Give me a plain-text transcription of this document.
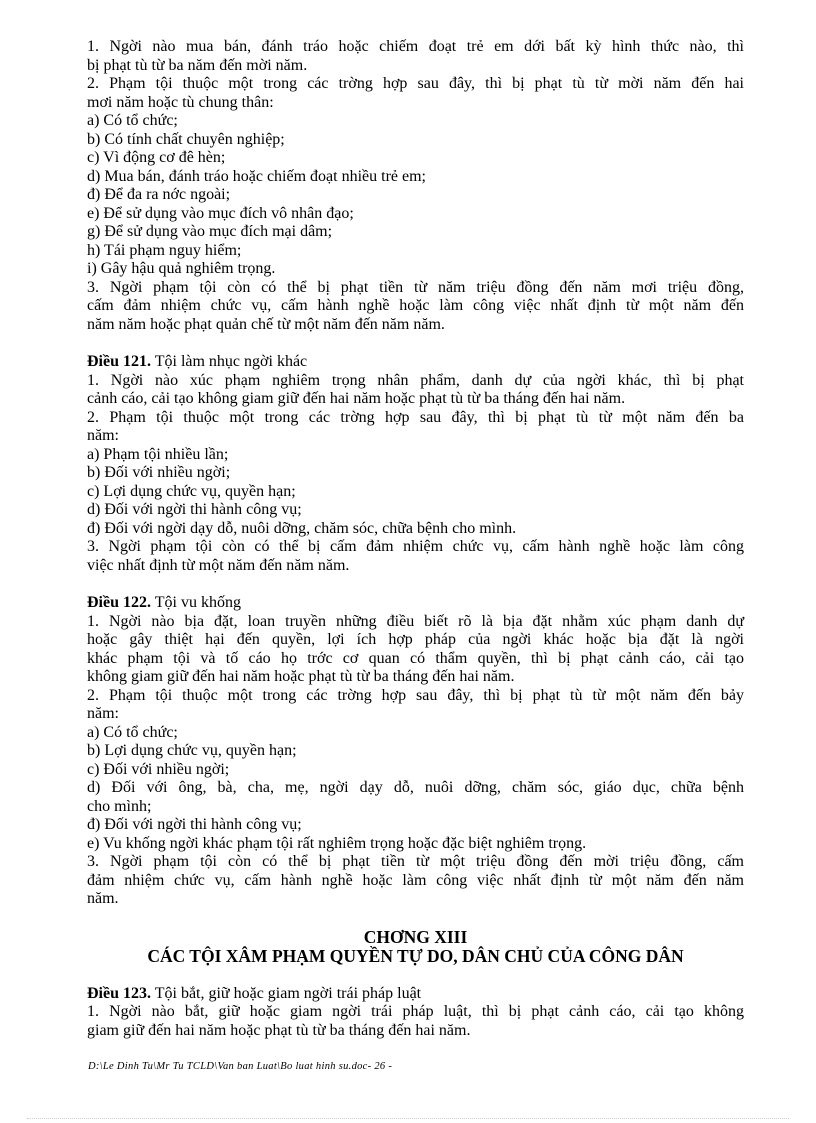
1. Ngời nào mua bán, đánh tráo hoặc chiếm đoạt trẻ em dới bất kỳ hình thức nào, thì

bị phạt tù từ ba năm đến mời năm.

2. Phạm tội thuộc một trong các trờng hợp sau đây, thì bị phạt tù từ mời năm đến hai

mơi năm hoặc tù chung thân:

a) Có tổ chức;

b) Có tính chất chuyên nghiệp;

c) Vì động cơ đê hèn;

d) Mua bán, đánh tráo hoặc chiếm đoạt nhiều trẻ em;

đ) Để đa ra nớc ngoài;

e) Để sử dụng vào mục đích vô nhân đạo;

g) Để sử dụng vào mục đích mại dâm;

h) Tái phạm nguy hiểm;

i) Gây hậu quả nghiêm trọng.

3. Ngời phạm tội còn có thể bị phạt tiền từ năm triệu đồng đến năm mơi triệu đồng,

cấm đảm nhiệm chức vụ, cấm hành nghề hoặc làm công việc nhất định từ một năm đến

năm năm hoặc phạt quản chế từ một năm đến năm năm.

Điều 121. Tội làm nhục ngời khác

1. Ngời nào xúc phạm nghiêm trọng nhân phẩm, danh dự của ngời khác, thì bị phạt

cảnh cáo, cải tạo không giam giữ đến hai năm hoặc phạt tù từ ba tháng đến hai năm.

2. Phạm tội thuộc một trong các trờng hợp sau đây, thì bị phạt tù từ một năm đến ba

năm:

a) Phạm tội nhiều lần;

b) Đối với nhiều ngời;

c) Lợi dụng chức vụ, quyền hạn;

d) Đối với ngời thi hành công vụ;

đ) Đối với ngời dạy dỗ, nuôi dỡng, chăm sóc, chữa bệnh cho mình.

3. Ngời phạm tội còn có thể bị cấm đảm nhiệm chức vụ, cấm hành nghề hoặc làm công

việc nhất định từ một năm đến năm năm.

Điều 122. Tội vu khống

1. Ngời nào bịa đặt, loan truyền những điều biết rõ là bịa đặt nhằm xúc phạm danh dự

hoặc gây thiệt hại đến quyền, lợi ích hợp pháp của ngời khác hoặc bịa đặt là ngời

khác phạm tội và tố cáo họ trớc cơ quan có thẩm quyền, thì bị phạt cảnh cáo, cải tạo

không giam giữ đến hai năm hoặc phạt tù từ ba tháng đến hai năm.

2. Phạm tội thuộc một trong các trờng hợp sau đây, thì bị phạt tù từ một năm đến bảy

năm:

a) Có tổ chức;

b) Lợi dụng chức vụ, quyền hạn;

c) Đối với nhiều ngời;

d) Đối với ông, bà, cha, mẹ, ngời dạy dỗ, nuôi dỡng, chăm sóc, giáo dục, chữa bệnh

cho mình;

đ) Đối với ngời thi hành công vụ;

e) Vu khống ngời khác phạm tội rất nghiêm trọng hoặc đặc biệt nghiêm trọng.

3. Ngời phạm tội còn có thể bị phạt tiền từ một triệu đồng đến mời triệu đồng, cấm

đảm nhiệm chức vụ, cấm hành nghề hoặc làm công việc nhất định từ một năm đến năm

năm.

CHƠNG XIII
CÁC TỘI XÂM PHẠM QUYỀN TỰ DO, DÂN CHỦ CỦA CÔNG DÂN

Điều 123. Tội bắt, giữ hoặc giam ngời trái pháp luật

1. Ngời nào bắt, giữ hoặc giam ngời trái pháp luật, thì bị phạt cảnh cáo, cải tạo không

giam giữ đến hai năm hoặc phạt tù từ ba tháng đến hai năm.

D:\Le Dinh Tu\Mr Tu TCLD\Van ban Luat\Bo luat hinh su.doc- 26 -
